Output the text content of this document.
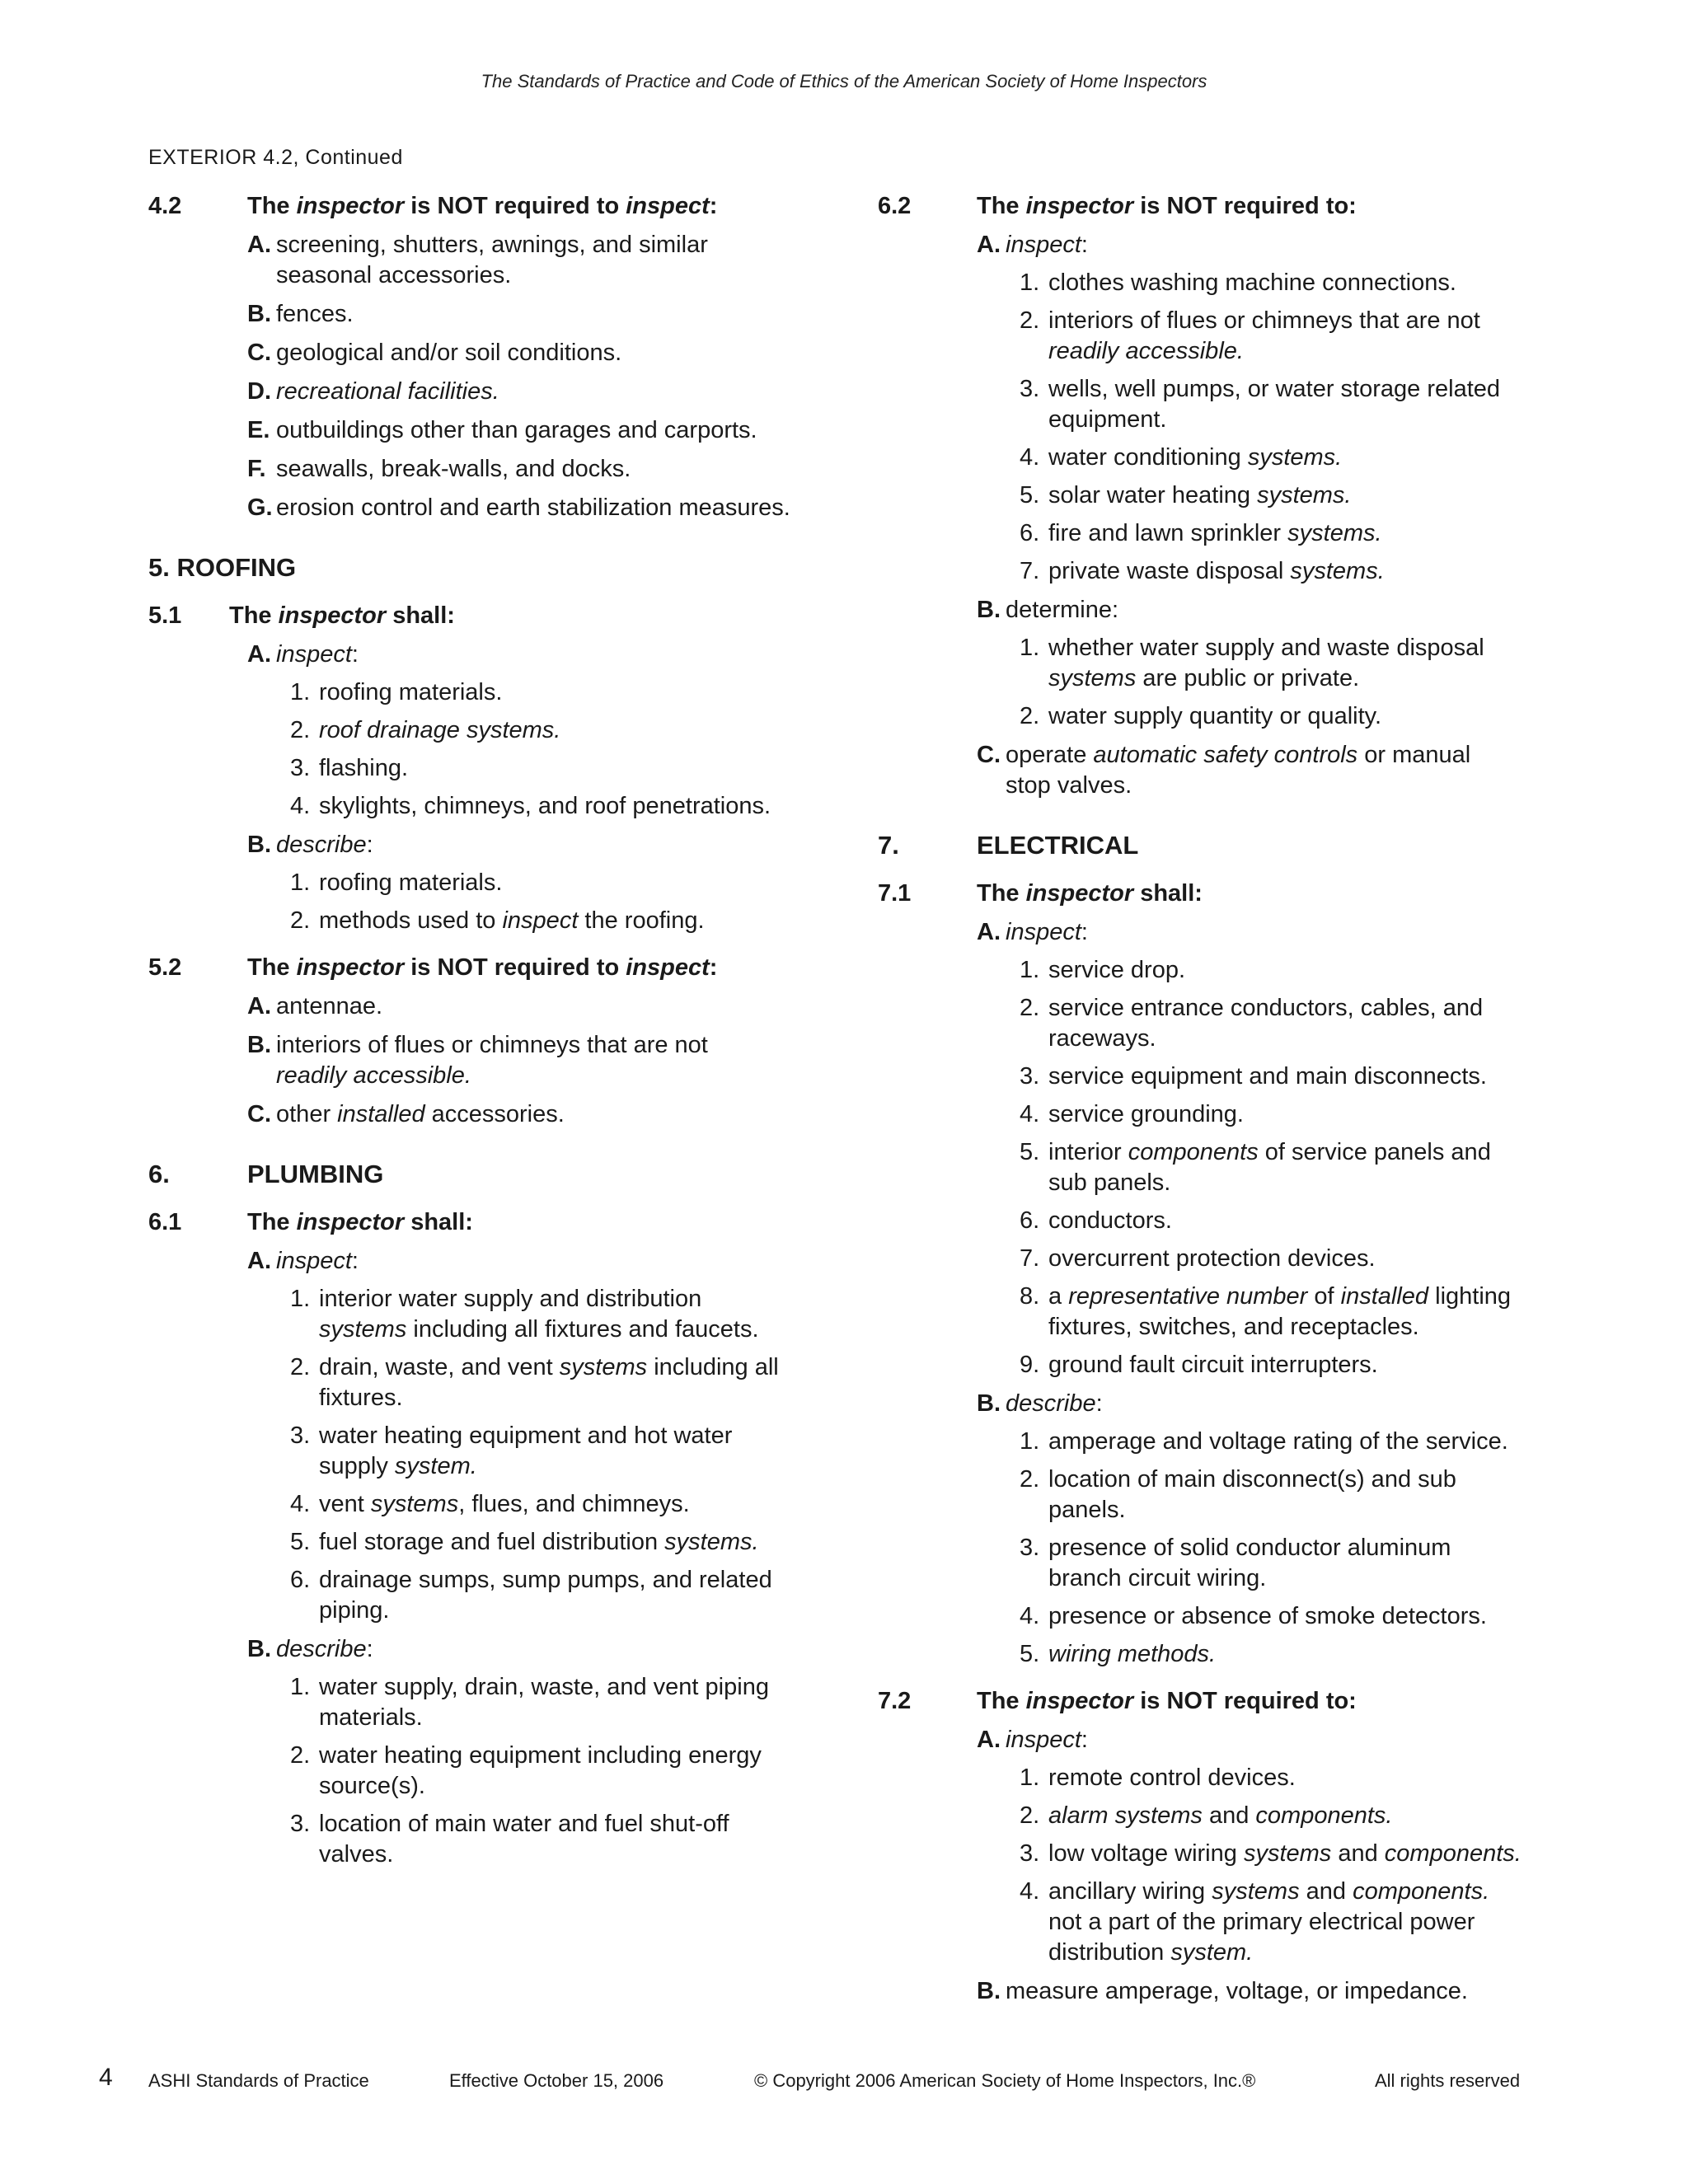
The Standards of Practice and Code of Ethics of the American Society of Home Inspectors
EXTERIOR 4.2, Continued
4.2	The inspector is NOT required to inspect:
A. screening, shutters, awnings, and similar
seasonal accessories.
B. fences.
C. geological and/or soil conditions.
D. recreational facilities.
E. outbuildings other than garages and carports.
F. seawalls, break-walls, and docks.
G. erosion control and earth stabilization measures.
5. ROOFING
5.1 The inspector shall:
A. inspect:
1. roofing materials.
2. roof drainage systems.
3. flashing.
4. skylights, chimneys, and roof penetrations.
B. describe:
1. roofing materials.
2. methods used to inspect the roofing.
5.2	The inspector is NOT required to inspect:
A. antennae.
B. interiors of flues or chimneys that are not
readily accessible.
C. other installed accessories.
6.	PLUMBING
6.1	The inspector shall:
A. inspect:
1. interior water supply and distribution
systems including all fixtures and faucets.
2. drain, waste, and vent systems including all
fixtures.
3. water heating equipment and hot water
supply system.
4. vent systems, flues, and chimneys.
5. fuel storage and fuel distribution systems.
6. drainage sumps, sump pumps, and related
piping.
B. describe:
1. water supply, drain, waste, and vent piping
materials.
2. water heating equipment including energy
source(s).
3. location of main water and fuel shut-off
valves.
6.2	The inspector is NOT required to:
A. inspect:
1. clothes washing machine connections.
2. interiors of flues or chimneys that are not
readily accessible.
3. wells, well pumps, or water storage related
equipment.
4. water conditioning systems.
5. solar water heating systems.
6. fire and lawn sprinkler systems.
7. private waste disposal systems.
B. determine:
1. whether water supply and waste disposal
systems are public or private.
2. water supply quantity or quality.
C. operate automatic safety controls or manual
stop valves.
7.	ELECTRICAL
7.1	The inspector shall:
A. inspect:
1. service drop.
2. service entrance conductors, cables, and
raceways.
3. service equipment and main disconnects.
4. service grounding.
5. interior components of service panels and
sub panels.
6. conductors.
7. overcurrent protection devices.
8. a representative number of installed lighting
fixtures, switches, and receptacles.
9. ground fault circuit interrupters.
B. describe:
1. amperage and voltage rating of the service.
2. location of main disconnect(s) and sub
panels.
3. presence of solid conductor aluminum
branch circuit wiring.
4. presence or absence of smoke detectors.
5. wiring methods.
7.2	The inspector is NOT required to:
A. inspect:
1. remote control devices.
2. alarm systems and components.
3. low voltage wiring systems and components.
4. ancillary wiring systems and components.
not a part of the primary electrical power
distribution system.
B. measure amperage, voltage, or impedance.
4 ASHI Standards of Practice	Effective October 15, 2006	© Copyright 2006 American Society of Home Inspectors, Inc.®	All rights reserved
